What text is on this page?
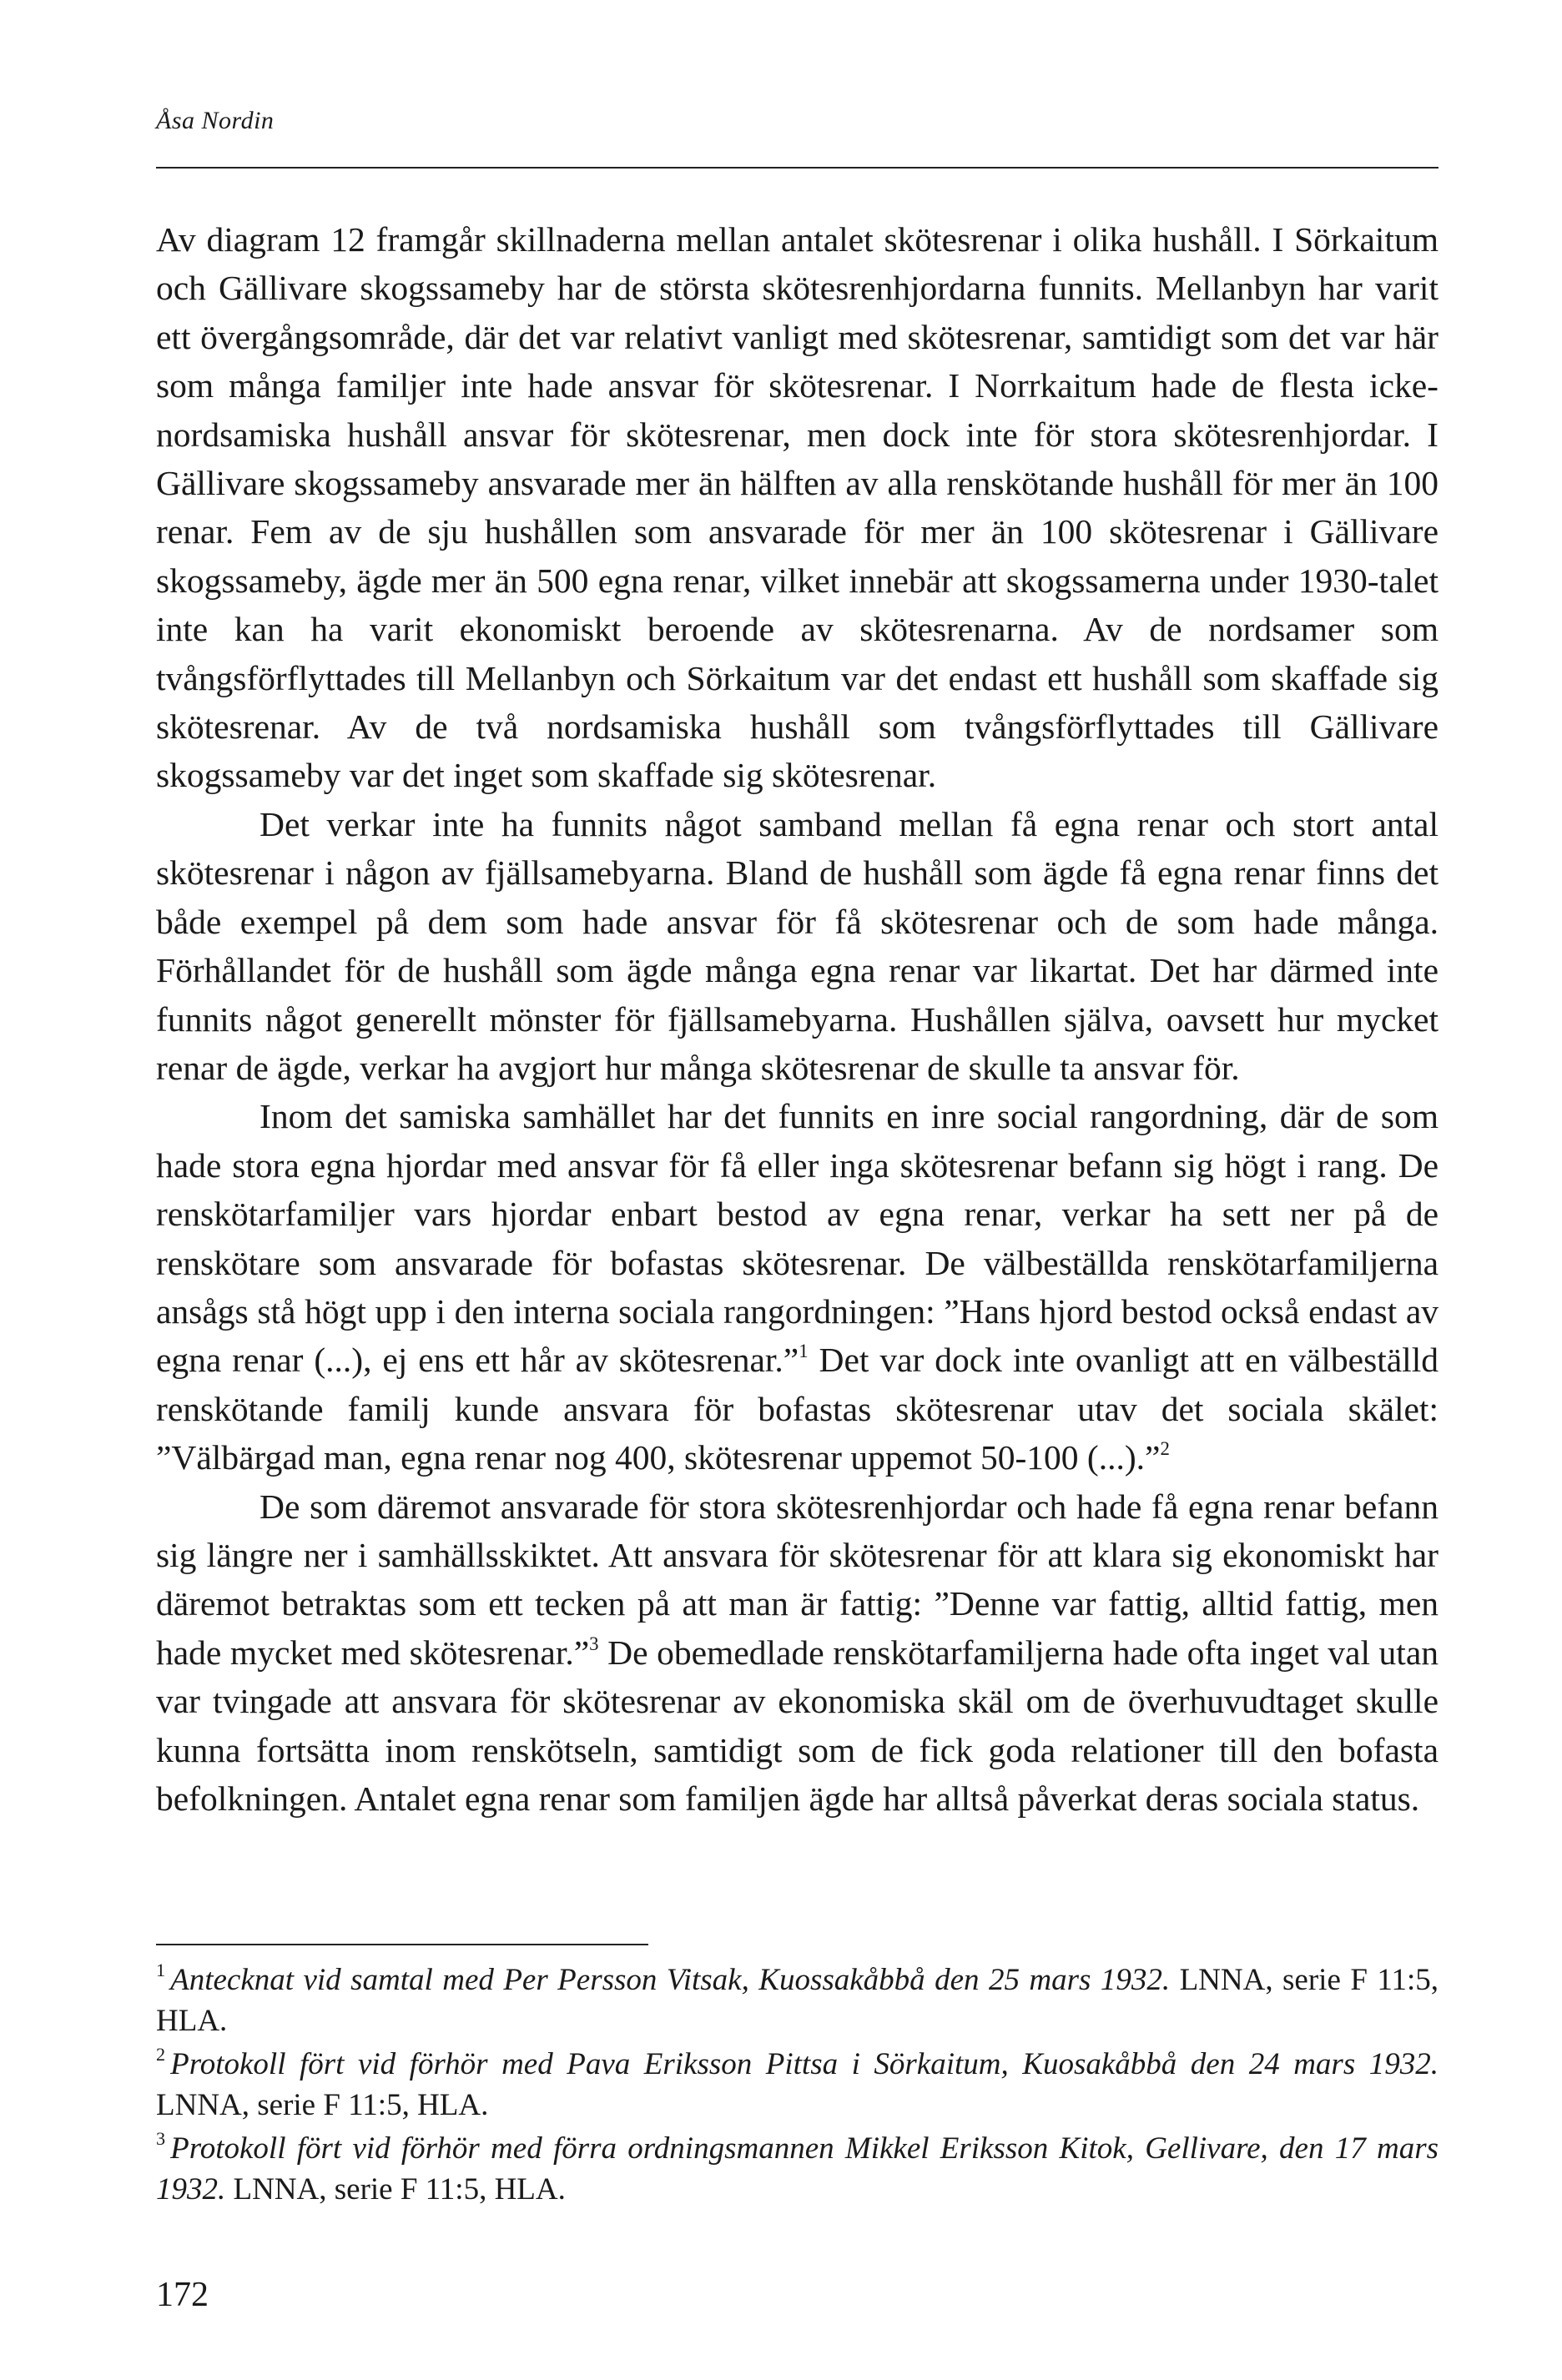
Åsa Nordin

Av diagram 12 framgår skillnaderna mellan antalet skötesrenar i olika hushåll. I Sörkaitum och Gällivare skogssameby har de största skötesrenhjordarna funnits. Mellanbyn har varit ett övergångsområde, där det var relativt vanligt med skötesrenar, samtidigt som det var här som många familjer inte hade ansvar för skötesrenar. I Norrkaitum hade de flesta icke-nordsamiska hushåll ansvar för skötesrenar, men dock inte för stora skötesrenhjordar. I Gällivare skogssameby ansvarade mer än hälften av alla renskötande hushåll för mer än 100 renar. Fem av de sju hushållen som ansvarade för mer än 100 skötesrenar i Gällivare skogssameby, ägde mer än 500 egna renar, vilket innebär att skogssamerna under 1930-talet inte kan ha varit ekonomiskt beroende av skötesrenarna. Av de nordsamer som tvångsförflyttades till Mellanbyn och Sörkaitum var det endast ett hushåll som skaffade sig skötesrenar. Av de två nordsamiska hushåll som tvångsförflyttades till Gällivare skogssameby var det inget som skaffade sig skötesrenar.

Det verkar inte ha funnits något samband mellan få egna renar och stort antal skötesrenar i någon av fjällsamebyarna. Bland de hushåll som ägde få egna renar finns det både exempel på dem som hade ansvar för få skötesrenar och de som hade många. Förhållandet för de hushåll som ägde många egna renar var likartat. Det har därmed inte funnits något generellt mönster för fjällsamebyarna. Hushållen själva, oavsett hur mycket renar de ägde, verkar ha avgjort hur många skötesrenar de skulle ta ansvar för.

Inom det samiska samhället har det funnits en inre social rangordning, där de som hade stora egna hjordar med ansvar för få eller inga skötesrenar befann sig högt i rang. De renskötarfamiljer vars hjordar enbart bestod av egna renar, verkar ha sett ner på de renskötare som ansvarade för bofastas skötesrenar. De välbeställda renskötarfamiljerna ansågs stå högt upp i den interna sociala rangordningen: ”Hans hjord bestod också endast av egna renar (...), ej ens ett hår av skötesrenar.”$^1$ Det var dock inte ovanligt att en välbeställd renskötande familj kunde ansvara för bofastas skötesrenar utav det sociala skälet: ”Välbärgad man, egna renar nog 400, skötesrenar uppemot 50-100 (...).”$^2$

De som däremot ansvarade för stora skötesrenhjordar och hade få egna renar befann sig längre ner i samhällsskiktet. Att ansvara för skötesrenar för att klara sig ekonomiskt har däremot betraktas som ett tecken på att man är fattig: ”Denne var fattig, alltid fattig, men hade mycket med skötesrenar.”$^3$ De obemedlade renskötarfamiljerna hade ofta inget val utan var tvingade att ansvara för skötesrenar av ekonomiska skäl om de överhuvudtaget skulle kunna fortsätta inom renskötseln, samtidigt som de fick goda relationer till den bofasta befolkningen. Antalet egna renar som familjen ägde har alltså påverkat deras sociala status.

$^1$ Antecknat vid samtal med Per Persson Vitsak, Kuossakåbbå den 25 mars 1932. LNNA, serie F 11:5, HLA.

$^2$ Protokoll fört vid förhör med Pava Eriksson Pittsa i Sörkaitum, Kuosakåbbå den 24 mars 1932. LNNA, serie F 11:5, HLA.

$^3$ Protokoll fört vid förhör med förra ordningsmannen Mikkel Eriksson Kitok, Gellivare, den 17 mars 1932. LNNA, serie F 11:5, HLA.

172
